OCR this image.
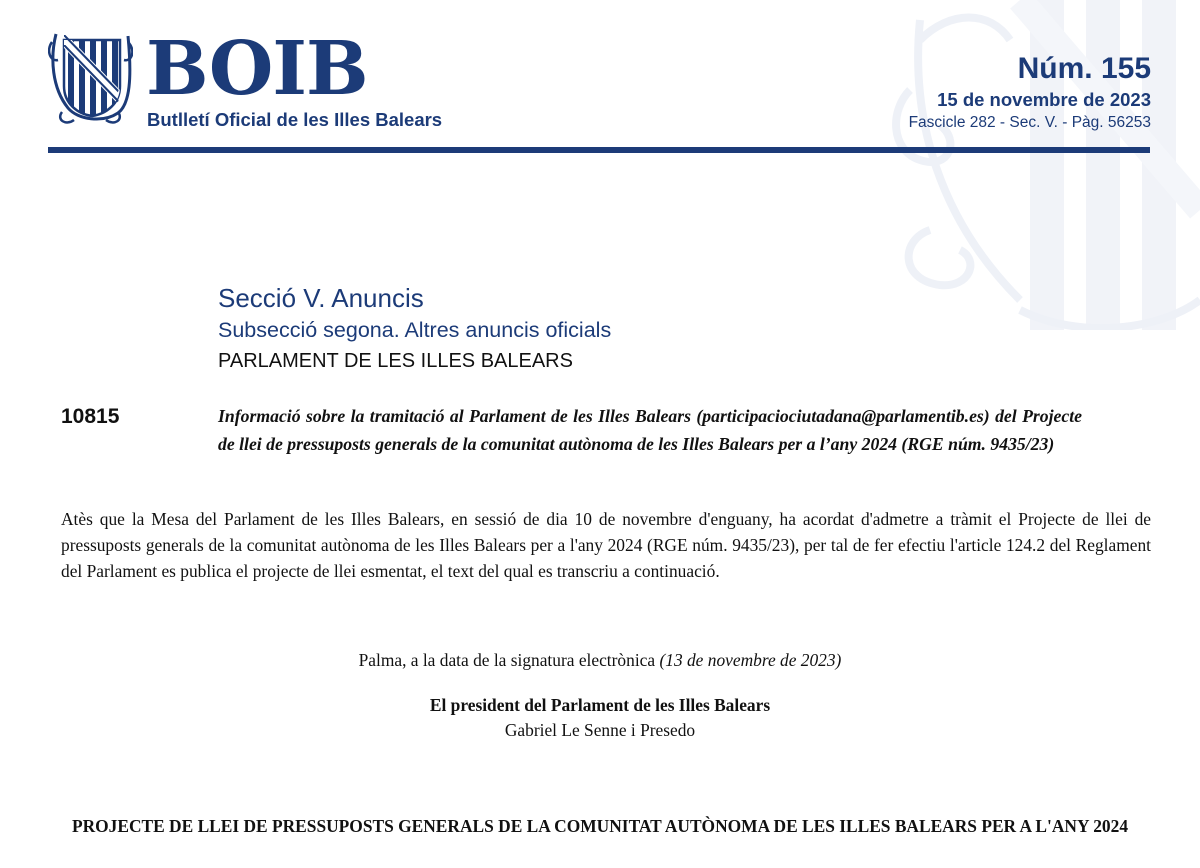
BOIB
Butlletí Oficial de les Illes Balears
Núm. 155
15 de novembre de 2023
Fascicle 282 - Sec. V. - Pàg. 56253
Secció V. Anuncis
Subsecció segona. Altres anuncis oficials
PARLAMENT DE LES ILLES BALEARS
10815	Informació sobre la tramitació al Parlament de les Illes Balears (participaciociutadana@parlamentib.es) del Projecte de llei de pressuposts generals de la comunitat autònoma de les Illes Balears per a l’any 2024 (RGE núm. 9435/23)
Atès que la Mesa del Parlament de les Illes Balears, en sessió de dia 10 de novembre d'enguany, ha acordat d'admetre a tràmit el Projecte de llei de pressuposts generals de la comunitat autònoma de les Illes Balears per a l'any 2024 (RGE núm. 9435/23), per tal de fer efectiu l'article 124.2 del Reglament del Parlament es publica el projecte de llei esmentat, el text del qual es transcriu a continuació.
Palma, a la data de la signatura electrònica (13 de novembre de 2023)
El president del Parlament de les Illes Balears
Gabriel Le Senne i Presedo
PROJECTE DE LLEI DE PRESSUPOSTS GENERALS DE LA COMUNITAT AUTÒNOMA DE LES ILLES BALEARS PER A L'ANY 2024
